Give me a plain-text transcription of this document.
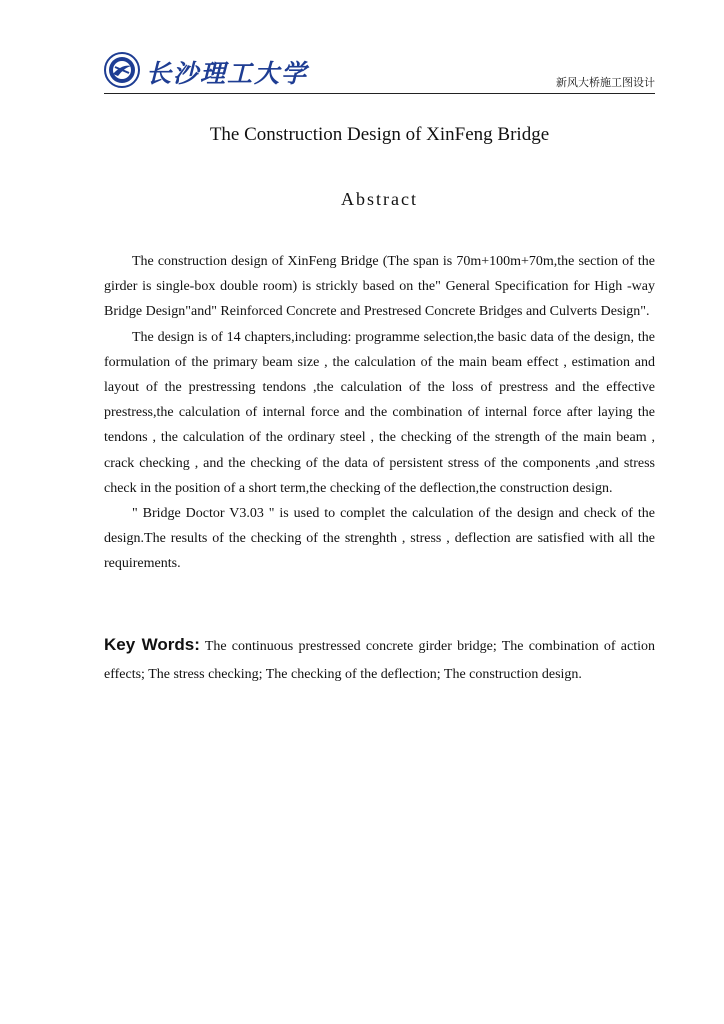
长沙理工大学	新风大桥施工图设计
The Construction Design of XinFeng Bridge
Abstract

The construction design of XinFeng Bridge (The span is 70m+100m+70m,the section of the girder is single-box double room) is strickly based on the" General Specification for High -way Bridge Design"and" Reinforced Concrete and Prestresed Concrete Bridges and Culverts Design".

The design is of 14 chapters,including: programme selection,the basic data of the design, the formulation of the primary beam size , the calculation of the main beam effect , estimation and layout of the prestressing tendons ,the calculation of the loss of prestress and the effective prestress,the calculation of internal force and the combination of internal force after laying the tendons , the calculation of the ordinary steel , the checking of the strength of the main beam , crack checking , and the checking of the data of persistent stress of the components ,and stress check in the position of a short term,the checking of the deflection,the construction design.

" Bridge Doctor V3.03 " is used to complet the calculation of the design and check of the design.The results of the checking of the strenghth , stress , deflection are satisfied with all the requirements.

Key Words: The continuous prestressed concrete girder bridge; The combination of action effects; The stress checking; The checking of the deflection; The construction design.
